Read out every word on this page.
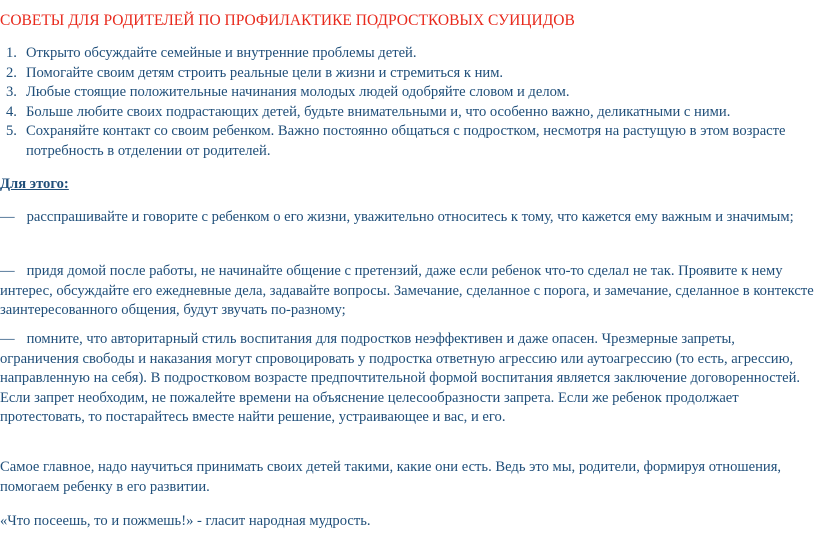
СОВЕТЫ ДЛЯ РОДИТЕЛЕЙ ПО ПРОФИЛАКТИКЕ ПОДРОСТКОВЫХ СУИЦИДОВ
1. Открыто обсуждайте семейные и внутренние проблемы детей.
2. Помогайте своим детям строить реальные цели в жизни и стремиться к ним.
3. Любые стоящие положительные начинания молодых людей одобряйте словом и делом.
4. Больше любите своих подрастающих детей, будьте внимательными и, что особенно важно, деликатными с ними.
5. Сохраняйте контакт со своим ребенком. Важно постоянно общаться с подростком, несмотря на растущую в этом возрасте потребность в отделении от родителей.

Для этого:

— расспрашивайте и говорите с ребенком о его жизни, уважительно относитесь к тому, что кажется ему важным и значимым;

— придя домой после работы, не начинайте общение с претензий, даже если ребенок что-то сделал не так. Проявите к нему интерес, обсуждайте его ежедневные дела, задавайте вопросы. Замечание, сделанное с порога, и замечание, сделанное в контексте заинтересованного общения, будут звучать по-разному;

— помните, что авторитарный стиль воспитания для подростков неэффективен и даже опасен. Чрезмерные запреты, ограничения свободы и наказания могут спровоцировать у подростка ответную агрессию или аутоагрессию (то есть, агрессию, направленную на себя). В подростковом возрасте предпочтительной формой воспитания является заключение договоренностей. Если запрет необходим, не пожалейте времени на объяснение целесообразности запрета. Если же ребенок продолжает протестовать, то постарайтесь вместе найти решение, устраивающее и вас, и его.

Самое главное, надо научиться принимать своих детей такими, какие они есть. Ведь это мы, родители, формируя отношения, помогаем ребенку в его развитии.

«Что посеешь, то и пожмешь!» - гласит народная мудрость.
